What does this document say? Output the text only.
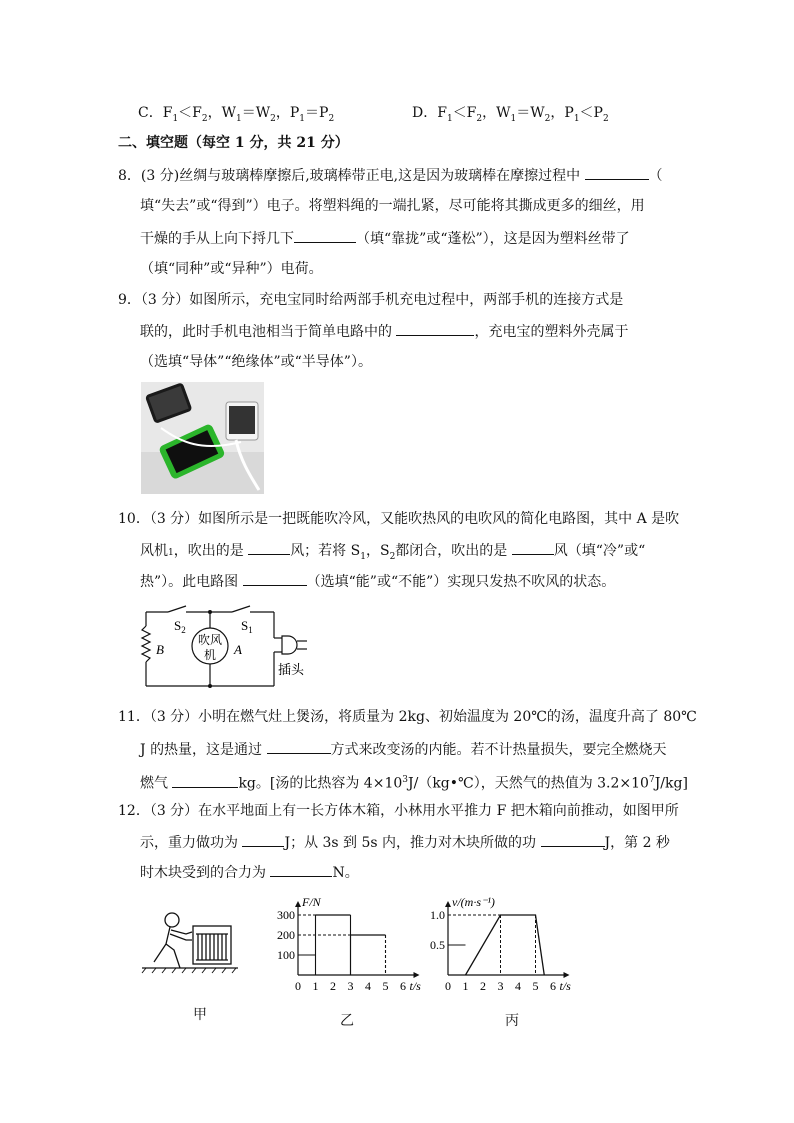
C．$F_1<F_2$，$W_1=W_2$，$P_1=P_2$	D．$F_1<F_2$，$W_1=W_2$，$P_1<P_2$
二、填空题（每空 1 分，共 21 分）
8．(3 分)丝绸与玻璃棒摩擦后,玻璃棒带正电,这是因为玻璃棒在摩擦过程中	（
填“失去”或“得到”）电子。将塑料绳的一端扎紧，尽可能将其撕成更多的细丝，用
干燥的手从上向下捋几下	（填“靠拢”或“蓬松”），这是因为塑料丝带了
（填“同种”或“异种”）电荷。
9．（3 分）如图所示，充电宝同时给两部手机充电过程中，两部手机的连接方式是
联的，此时手机电池相当于简单电路中的	，充电宝的塑料外壳属于
（选填“导体”“绝缘体”或“半导体”）。
10．（3 分）如图所示是一把既能吹冷风，又能吹热风的电吹风的简化电路图，其中 A 是吹
风机1，吹出的是	风；若将 $S_1$，$S_2$都闭合，吹出的是	风（填“冷”或“
热”）。此电路图	（选填“能”或“不能”）实现只发热不吹风的状态。
$S_2$	$S_1$
B	A
吹风
机
插头
11．（3 分）小明在燃气灶上煲汤，将质量为 2kg、初始温度为 20℃的汤，温度升高了 80℃
J 的热量，这是通过	方式来改变汤的内能。若不计热量损失，要完全燃烧天
燃气	kg。[汤的比热容为 $4\times 10^3J/(kg•℃)$，天然气的热值为 $3.2\times 10^7J/kg$]
12．（3 分）在水平地面上有一长方体木箱，小林用水平推力 F 把木箱向前推动，如图甲所
示，重力做功为	J；从 3s 到 5s 内，推力对木块所做的功	J，第 2 秒
时木块受到的合力为	N。
0 1 2 3 4 5 6 t/s
F/N
100
200
300
0 1 2 3 4 5 6 t/s
v/(m·s⁻¹)
0.5
1.0
甲	乙	丙
